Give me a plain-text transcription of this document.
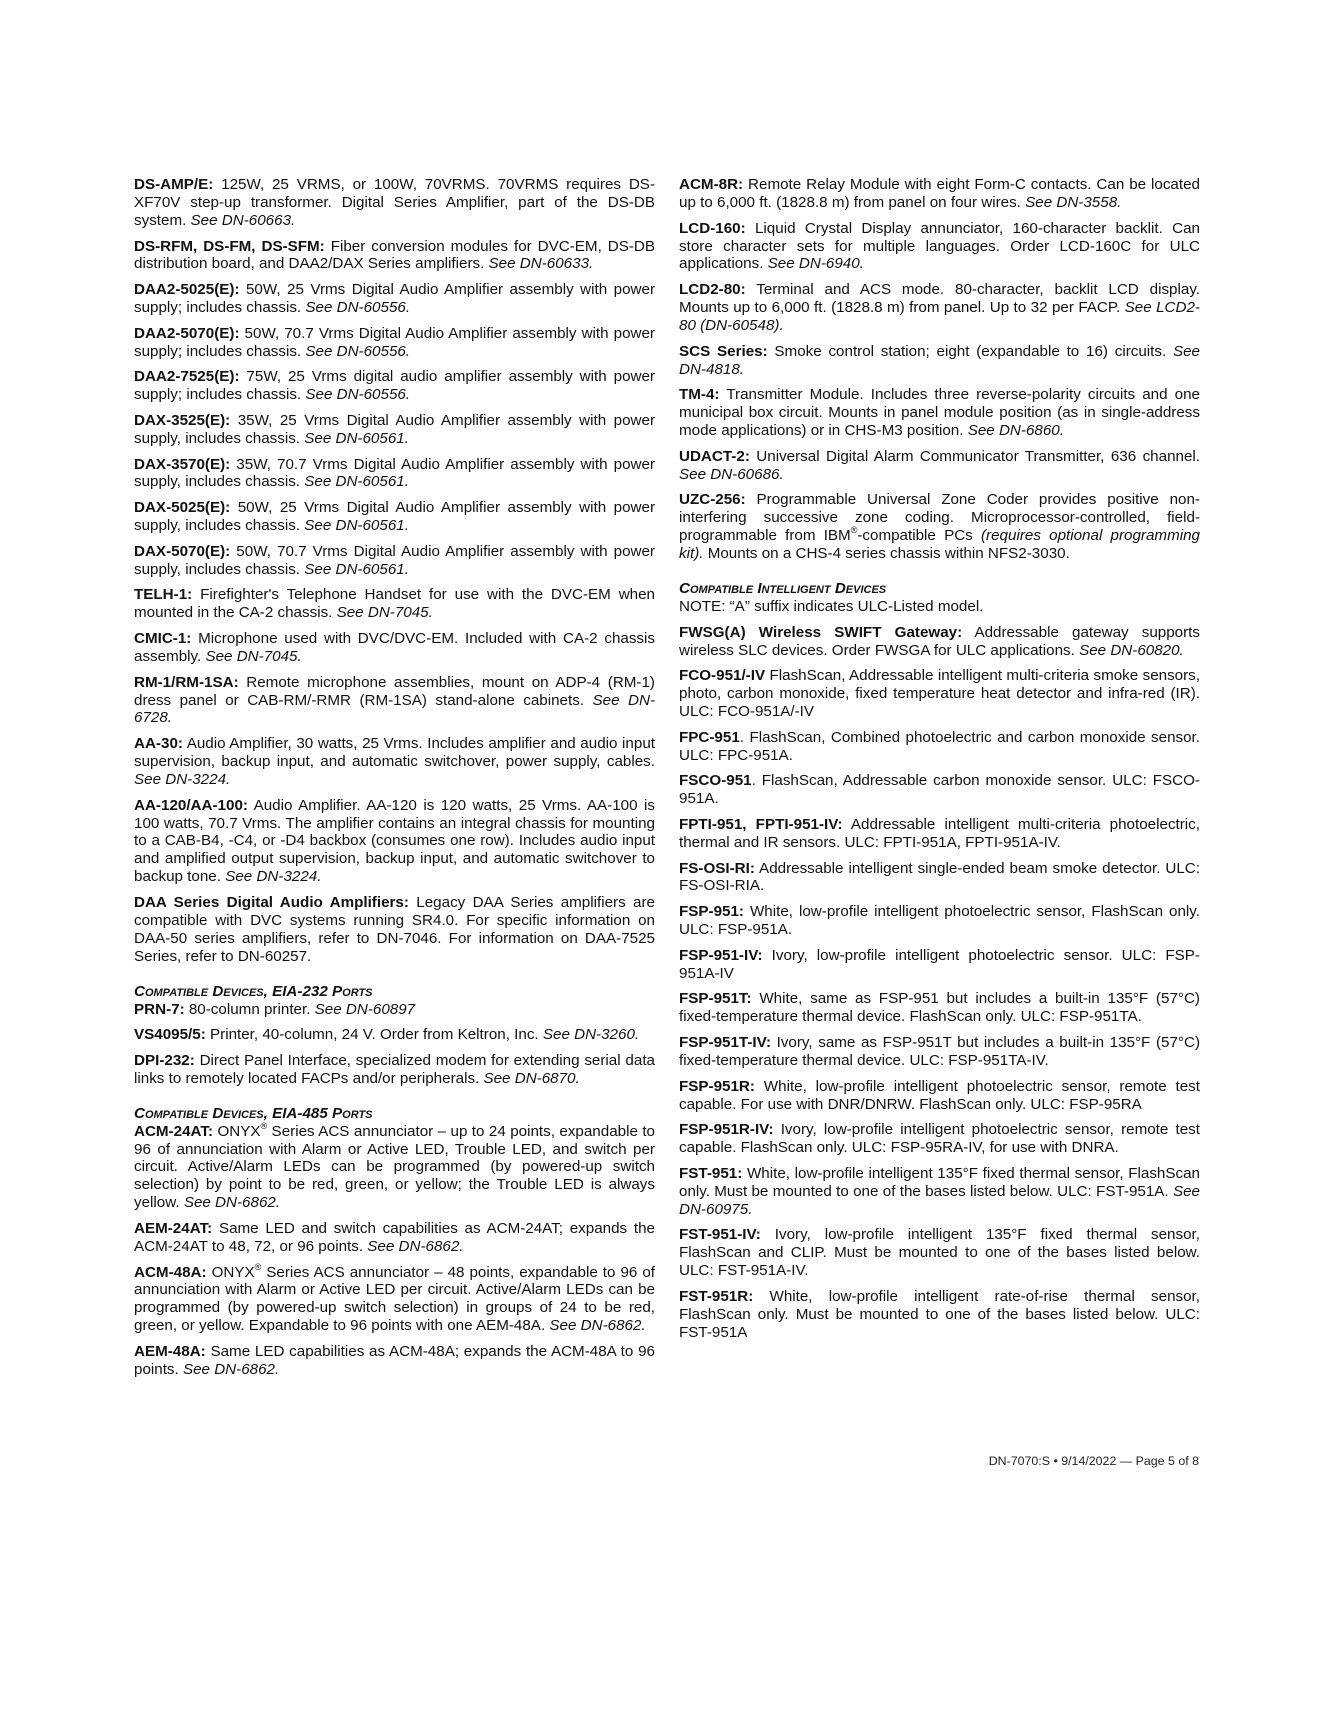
DS-AMP/E: 125W, 25 VRMS, or 100W, 70VRMS. 70VRMS requires DS-XF70V step-up transformer. Digital Series Amplifier, part of the DS-DB system. See DN-60663.

DS-RFM, DS-FM, DS-SFM: Fiber conversion modules for DVC-EM, DS-DB distribution board, and DAA2/DAX Series amplifiers. See DN-60633.

DAA2-5025(E): 50W, 25 Vrms Digital Audio Amplifier assembly with power supply; includes chassis. See DN-60556.

DAA2-5070(E): 50W, 70.7 Vrms Digital Audio Amplifier assembly with power supply; includes chassis. See DN-60556.

DAA2-7525(E): 75W, 25 Vrms digital audio amplifier assembly with power supply; includes chassis. See DN-60556.

DAX-3525(E): 35W, 25 Vrms Digital Audio Amplifier assembly with power supply, includes chassis. See DN-60561.

DAX-3570(E): 35W, 70.7 Vrms Digital Audio Amplifier assembly with power supply, includes chassis. See DN-60561.

DAX-5025(E): 50W, 25 Vrms Digital Audio Amplifier assembly with power supply, includes chassis. See DN-60561.

DAX-5070(E): 50W, 70.7 Vrms Digital Audio Amplifier assembly with power supply, includes chassis. See DN-60561.

TELH-1: Firefighter's Telephone Handset for use with the DVC-EM when mounted in the CA-2 chassis. See DN-7045.

CMIC-1: Microphone used with DVC/DVC-EM. Included with CA-2 chassis assembly. See DN-7045.

RM-1/RM-1SA: Remote microphone assemblies, mount on ADP-4 (RM-1) dress panel or CAB-RM/-RMR (RM-1SA) stand-alone cabinets. See DN-6728.

AA-30: Audio Amplifier, 30 watts, 25 Vrms. Includes amplifier and audio input supervision, backup input, and automatic switchover, power supply, cables. See DN-3224.

AA-120/AA-100: Audio Amplifier. AA-120 is 120 watts, 25 Vrms. AA-100 is 100 watts, 70.7 Vrms. The amplifier contains an integral chassis for mounting to a CAB-B4, -C4, or -D4 backbox (consumes one row). Includes audio input and amplified output supervision, backup input, and automatic switchover to backup tone. See DN-3224.

DAA Series Digital Audio Amplifiers: Legacy DAA Series amplifiers are compatible with DVC systems running SR4.0. For specific information on DAA-50 series amplifiers, refer to DN-7046. For information on DAA-7525 Series, refer to DN-60257.

Compatible Devices, EIA-232 Ports

PRN-7: 80-column printer. See DN-60897

VS4095/5: Printer, 40-column, 24 V. Order from Keltron, Inc. See DN-3260.

DPI-232: Direct Panel Interface, specialized modem for extending serial data links to remotely located FACPs and/or peripherals. See DN-6870.

Compatible Devices, EIA-485 Ports

ACM-24AT: ONYX® Series ACS annunciator – up to 24 points, expandable to 96 of annunciation with Alarm or Active LED, Trouble LED, and switch per circuit. Active/Alarm LEDs can be programmed (by powered-up switch selection) by point to be red, green, or yellow; the Trouble LED is always yellow. See DN-6862.

AEM-24AT: Same LED and switch capabilities as ACM-24AT; expands the ACM-24AT to 48, 72, or 96 points. See DN-6862.

ACM-48A: ONYX® Series ACS annunciator – 48 points, expandable to 96 of annunciation with Alarm or Active LED per circuit. Active/Alarm LEDs can be programmed (by powered-up switch selection) in groups of 24 to be red, green, or yellow. Expandable to 96 points with one AEM-48A. See DN-6862.

AEM-48A: Same LED capabilities as ACM-48A; expands the ACM-48A to 96 points. See DN-6862.

ACM-8R: Remote Relay Module with eight Form-C contacts. Can be located up to 6,000 ft. (1828.8 m) from panel on four wires. See DN-3558.

LCD-160: Liquid Crystal Display annunciator, 160-character backlit. Can store character sets for multiple languages. Order LCD-160C for ULC applications. See DN-6940.

LCD2-80: Terminal and ACS mode. 80-character, backlit LCD display. Mounts up to 6,000 ft. (1828.8 m) from panel. Up to 32 per FACP. See LCD2-80 (DN-60548).

SCS Series: Smoke control station; eight (expandable to 16) circuits. See DN-4818.

TM-4: Transmitter Module. Includes three reverse-polarity circuits and one municipal box circuit. Mounts in panel module position (as in single-address mode applications) or in CHS-M3 position. See DN-6860.

UDACT-2: Universal Digital Alarm Communicator Transmitter, 636 channel. See DN-60686.

UZC-256: Programmable Universal Zone Coder provides positive non-interfering successive zone coding. Microprocessor-controlled, field-programmable from IBM®-compatible PCs (requires optional programming kit). Mounts on a CHS-4 series chassis within NFS2-3030.

Compatible Intelligent Devices

NOTE: “A” suffix indicates ULC-Listed model.

FWSG(A) Wireless SWIFT Gateway: Addressable gateway supports wireless SLC devices. Order FWSGA for ULC applications. See DN-60820.

FCO-951/-IV FlashScan, Addressable intelligent multi-criteria smoke sensors, photo, carbon monoxide, fixed temperature heat detector and infra-red (IR). ULC: FCO-951A/-IV

FPC-951. FlashScan, Combined photoelectric and carbon monoxide sensor. ULC: FPC-951A.

FSCO-951. FlashScan, Addressable carbon monoxide sensor. ULC: FSCO-951A.

FPTI-951, FPTI-951-IV: Addressable intelligent multi-criteria photoelectric, thermal and IR sensors. ULC: FPTI-951A, FPTI-951A-IV.

FS-OSI-RI: Addressable intelligent single-ended beam smoke detector. ULC: FS-OSI-RIA.

FSP-951: White, low-profile intelligent photoelectric sensor, FlashScan only. ULC: FSP-951A.

FSP-951-IV: Ivory, low-profile intelligent photoelectric sensor. ULC: FSP-951A-IV

FSP-951T: White, same as FSP-951 but includes a built-in 135°F (57°C) fixed-temperature thermal device. FlashScan only. ULC: FSP-951TA.

FSP-951T-IV: Ivory, same as FSP-951T but includes a built-in 135°F (57°C) fixed-temperature thermal device. ULC: FSP-951TA-IV.

FSP-951R: White, low-profile intelligent photoelectric sensor, remote test capable. For use with DNR/DNRW. FlashScan only. ULC: FSP-95RA

FSP-951R-IV: Ivory, low-profile intelligent photoelectric sensor, remote test capable. FlashScan only. ULC: FSP-95RA-IV, for use with DNRA.

FST-951: White, low-profile intelligent 135°F fixed thermal sensor, FlashScan only. Must be mounted to one of the bases listed below. ULC: FST-951A. See DN-60975.

FST-951-IV: Ivory, low-profile intelligent 135°F fixed thermal sensor, FlashScan and CLIP. Must be mounted to one of the bases listed below. ULC: FST-951A-IV.

FST-951R: White, low-profile intelligent rate-of-rise thermal sensor, FlashScan only. Must be mounted to one of the bases listed below. ULC: FST-951A

DN-7070:S • 9/14/2022 — Page 5 of 8
